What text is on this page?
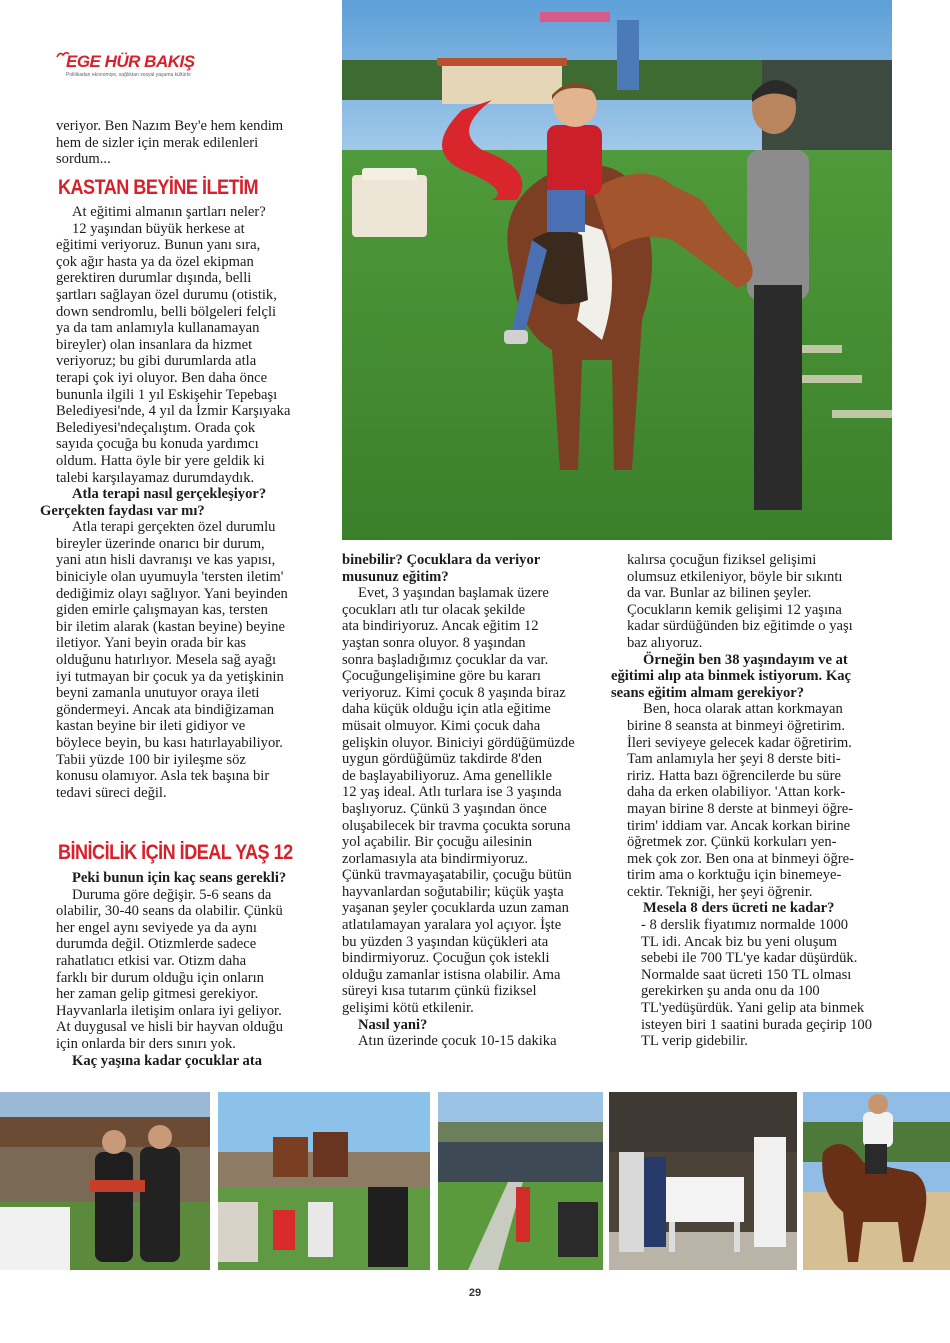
EGE HÜR BAKIŞ
Politikadan ekonomiye, sağlıktan sosyal yaşama kültürle

veriyor. Ben Nazım Bey'e hem kendim
hem de sizler için merak edilenleri
sordum...

KASTAN BEYİNE İLETİM

At eğitimi almanın şartları neler?

12 yaşından büyük herkese at
eğitimi veriyoruz. Bunun yanı sıra,
çok ağır hasta ya da özel ekipman
gerektiren durumlar dışında, belli
şartları sağlayan özel durumu (otistik,
down sendromlu, belli bölgeleri felçli
ya da tam anlamıyla kullanamayan
bireyler) olan insanlara da hizmet
veriyoruz; bu gibi durumlarda atla
terapi çok iyi oluyor. Ben daha önce
bununla ilgili 1 yıl Eskişehir Tepebaşı
Belediyesi'nde, 4 yıl da İzmir Karşıyaka
Belediyesi'ndeçalıştım. Orada çok
sayıda çocuğa bu konuda yardımcı
oldum. Hatta öyle bir yere geldik ki
talebi karşılayamaz durumdaydık.

Atla terapi nasıl gerçekleşiyor?
Gerçekten faydası var mı?

Atla terapi gerçekten özel durumlu
bireyler üzerinde onarıcı bir durum,
yani atın hisli davranışı ve kas yapısı,
biniciyle olan uyumuyla 'tersten iletim'
dediğimiz olayı sağlıyor. Yani beyinden
giden emirle çalışmayan kas, tersten
bir iletim alarak (kastan beyine) beyine
iletiyor. Yani beyin orada bir kas
olduğunu hatırlıyor. Mesela sağ ayağı
iyi tutmayan bir çocuk ya da yetişkinin
beyni zamanla unutuyor oraya ileti
göndermeyi. Ancak ata bindiğizaman
kastan beyine bir ileti gidiyor ve
böylece beyin, bu kası hatırlayabiliyor.
Tabii yüzde 100 bir iyileşme söz
konusu olamıyor. Asla tek başına bir
tedavi süreci değil.

BİNİCİLİK İÇİN İDEAL YAŞ 12

Peki bunun için kaç seans gerekli?

Duruma göre değişir. 5-6 seans da
olabilir, 30-40 seans da olabilir. Çünkü
her engel aynı seviyede ya da aynı
durumda değil. Otizmlerde sadece
rahatlatıcı etkisi var. Otizm daha
farklı bir durum olduğu için onların
her zaman gelip gitmesi gerekiyor.
Hayvanlarla iletişim onlara iyi geliyor.
At duygusal ve hisli bir hayvan olduğu
için onlarda bir ders sınırı yok.

Kaç yaşına kadar çocuklar ata

binebilir? Çocuklara da veriyor
musunuz eğitim?

Evet, 3 yaşından başlamak üzere
çocukları atlı tur olacak şekilde
ata bindiriyoruz. Ancak eğitim 12
yaştan sonra oluyor. 8 yaşından
sonra başladığımız çocuklar da var.
Çocuğungelişimine göre bu kararı
veriyoruz. Kimi çocuk 8 yaşında biraz
daha küçük olduğu için atla eğitime
müsait olmuyor. Kimi çocuk daha
gelişkin oluyor. Biniciyi gördüğümüzde
uygun gördüğümüz takdirde 8'den
de başlayabiliyoruz. Ama genellikle
12 yaş ideal. Atlı turlara ise 3 yaşında
başlıyoruz. Çünkü 3 yaşından önce
oluşabilecek bir travma çocukta soruna
yol açabilir. Bir çocuğu ailesinin
zorlamasıyla ata bindirmiyoruz.
Çünkü travmayaşatabilir, çocuğu bütün
hayvanlardan soğutabilir; küçük yaşta
yaşanan şeyler çocuklarda uzun zaman
atlatılamayan yaralara yol açıyor. İşte
bu yüzden 3 yaşından küçükleri ata
bindirmiyoruz. Çocuğun çok istekli
olduğu zamanlar istisna olabilir. Ama
süreyi kısa tutarım çünkü fiziksel
gelişimi kötü etkilenir.

Nasıl yani?

Atın üzerinde çocuk 10-15 dakika

kalırsa çocuğun fiziksel gelişimi
olumsuz etkileniyor, böyle bir sıkıntı
da var. Bunlar az bilinen şeyler.
Çocukların kemik gelişimi 12 yaşına
kadar sürdüğünden biz eğitimde o yaşı
baz alıyoruz.

Örneğin ben 38 yaşındayım ve at
eğitimi alıp ata binmek istiyorum. Kaç
seans eğitim almam gerekiyor?

Ben, hoca olarak attan korkmayan
birine 8 seansta at binmeyi öğretirim.
İleri seviyeye gelecek kadar öğretirim.
Tam anlamıyla her şeyi 8 derste biti-
ririz. Hatta bazı öğrencilerde bu süre
daha da erken olabiliyor. 'Attan kork-
mayan birine 8 derste at binmeyi öğre-
tirim' iddiam var. Ancak korkan birine
öğretmek zor. Çünkü korkuları yen-
mek çok zor. Ben ona at binmeyi öğre-
tirim ama o korktuğu için binemeye-
cektir. Tekniği, her şeyi öğrenir.

Mesela 8 ders ücreti ne kadar?

- 8 derslik fiyatımız normalde 1000
TL idi. Ancak biz bu yeni oluşum
sebebi ile 700 TL'ye kadar düşürdük.
Normalde saat ücreti 150 TL olması
gerekirken şu anda onu da 100
TL'yedüşürdük. Yani gelip ata binmek
isteyen biri 1 saatini burada geçirip 100
TL verip gidebilir.

29
